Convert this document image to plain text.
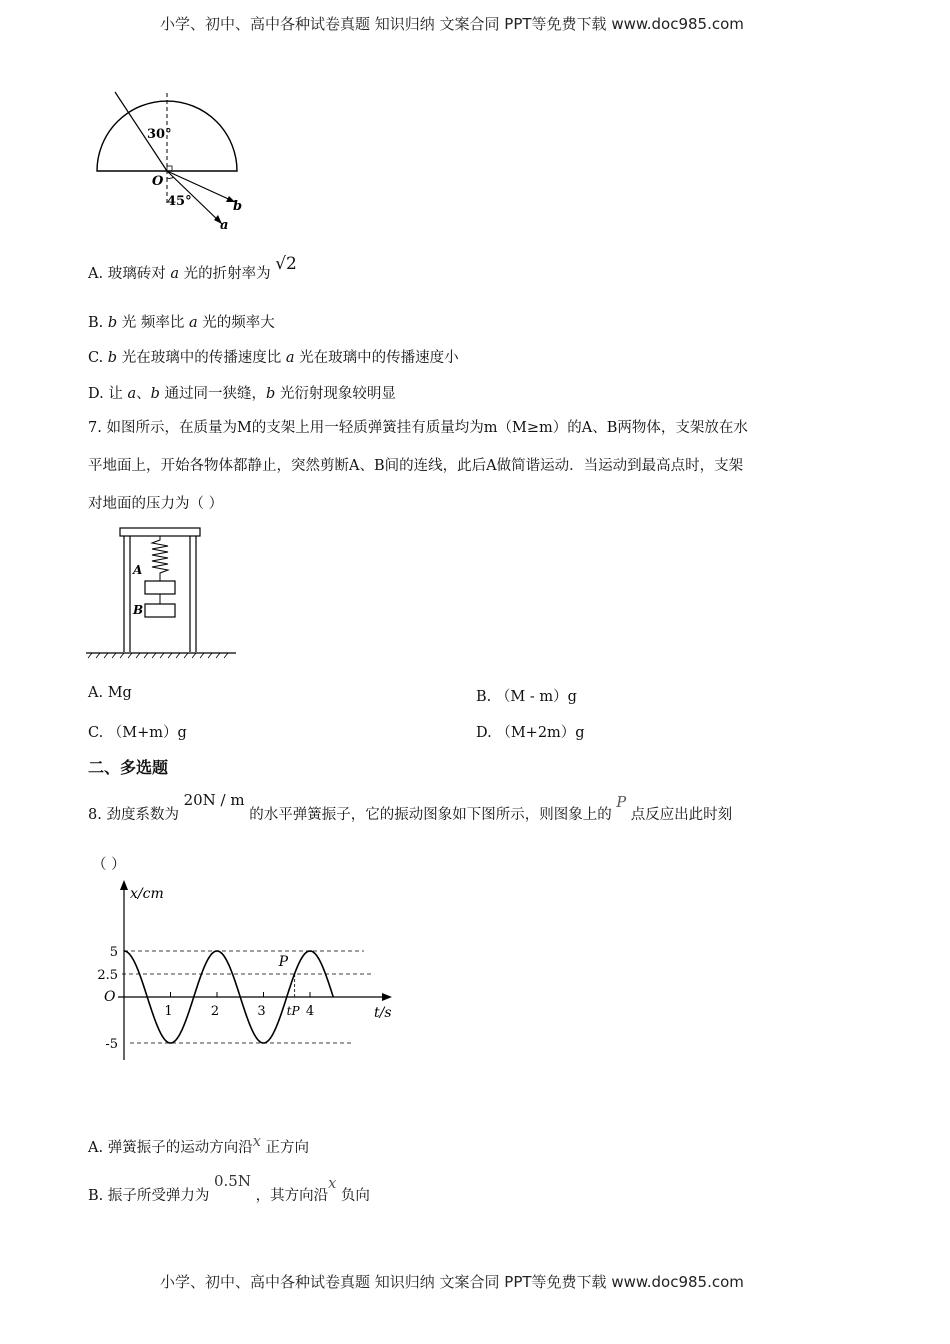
小学、初中、高中各种试卷真题 知识归纳 文案合同 PPT等免费下载 www.doc985.com
30°
O
45°	b
a
A. 玻璃砖对 a 光的折射率为 √2
B. b 光 频率比 a 光的频率大
C. b 光在玻璃中的传播速度比 a 光在玻璃中的传播速度小
D. 让 a、b 通过同一狭缝，b 光衍射现象较明显
7. 如图所示，在质量为M的支架上用一轻质弹簧挂有质量均为m（M≥m）的A、B两物体，支架放在水
平地面上，开始各物体都静止，突然剪断A、B间的连线，此后A做简谐运动．当运动到最高点时，支架
对地面的压力为（ ）
A
B
A. Mg	B. （M - m）g
C. （M+m）g	D. （M+2m）g
二、多选题
8. 劲度系数为 20N / m 的水平弹簧振子，它的振动图象如下图所示，则图象上的 P 点反应出此时刻
（ ）
x/cm
t/s
O
5
2.5
-5
1	2	3	4
tP
P
A. 弹簧振子的运动方向沿x 正方向
B. 振子所受弹力为 0.5N ，其方向沿x 负向
小学、初中、高中各种试卷真题 知识归纳 文案合同 PPT等免费下载 www.doc985.com
